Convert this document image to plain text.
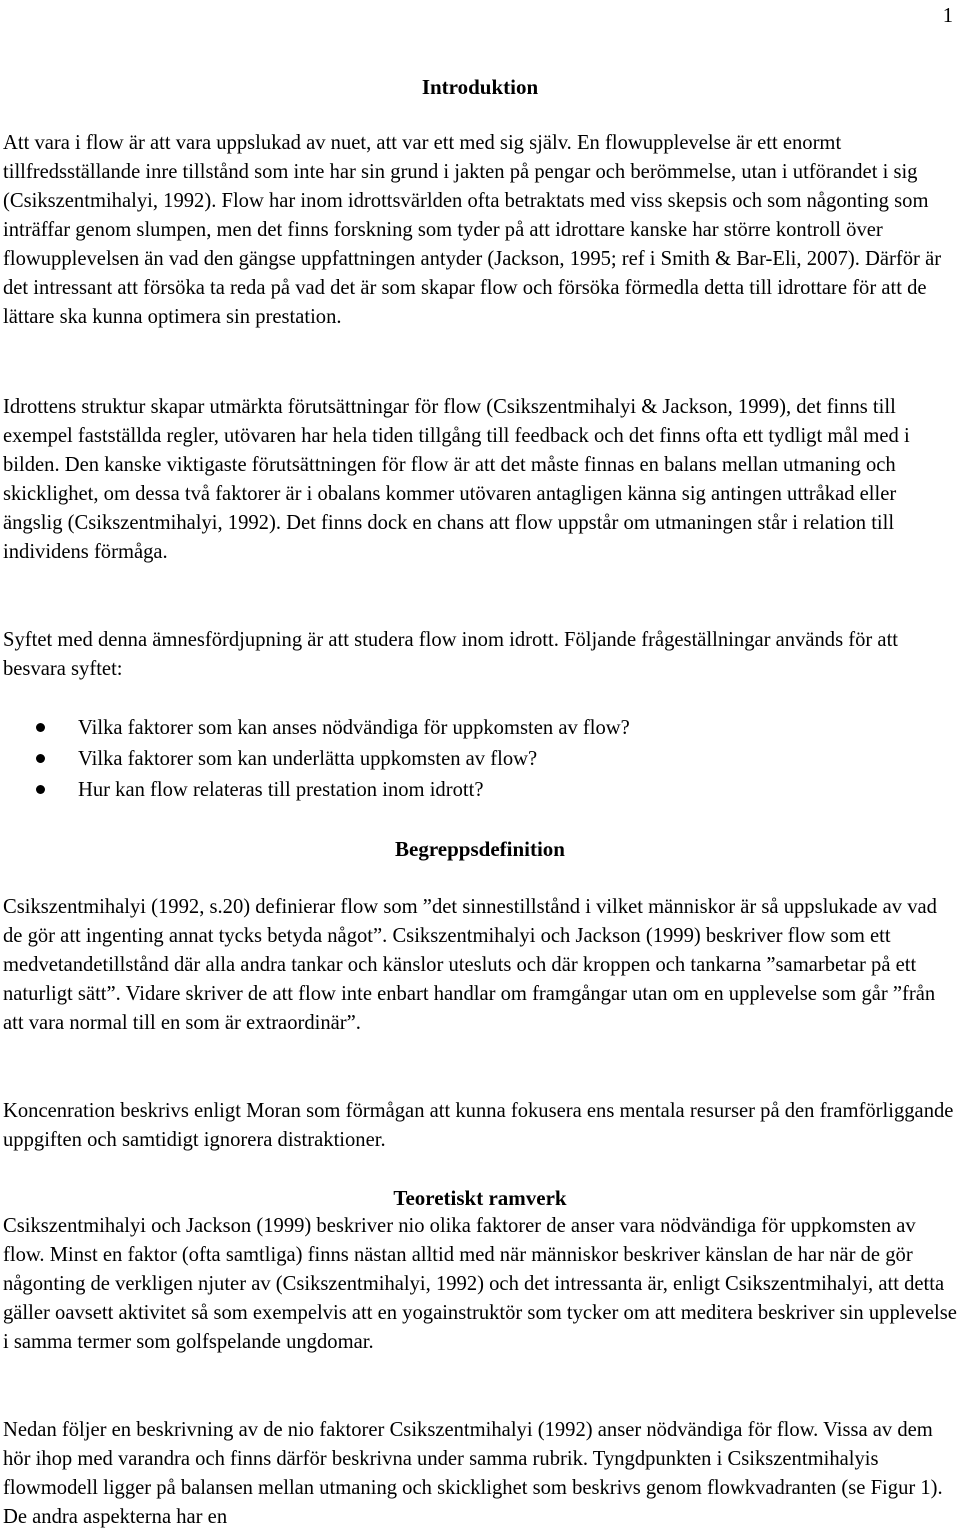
1
Introduktion

Att vara i flow är att vara uppslukad av nuet, att var ett med sig själv. En flowupplevelse är ett enormt tillfredsställande inre tillstånd som inte har sin grund i jakten på pengar och berömmelse, utan i utförandet i sig (Csikszentmihalyi, 1992). Flow har inom idrottsvärlden ofta betraktats med viss skepsis och som någonting som inträffar genom slumpen, men det finns forskning som tyder på att idrottare kanske har större kontroll över flowupplevelsen än vad den gängse uppfattningen antyder (Jackson, 1995; ref i Smith & Bar-Eli, 2007). Därför är det intressant att försöka ta reda på vad det är som skapar flow och försöka förmedla detta till idrottare för att de lättare ska kunna optimera sin prestation.

Idrottens struktur skapar utmärkta förutsättningar för flow (Csikszentmihalyi & Jackson, 1999), det finns till exempel fastställda regler, utövaren har hela tiden tillgång till feedback och det finns ofta ett tydligt mål med i bilden. Den kanske viktigaste förutsättningen för flow är att det måste finnas en balans mellan utmaning och skicklighet, om dessa två faktorer är i obalans kommer utövaren antagligen känna sig antingen uttråkad eller ängslig (Csikszentmihalyi, 1992). Det finns dock en chans att flow uppstår om utmaningen står i relation till individens förmåga.

Syftet med denna ämnesfördjupning är att studera flow inom idrott. Följande frågeställningar används för att besvara syftet:

Vilka faktorer som kan anses nödvändiga för uppkomsten av flow?
Vilka faktorer som kan underlätta uppkomsten av flow?
Hur kan flow relateras till prestation inom idrott?
Begreppsdefinition

Csikszentmihalyi (1992, s.20) definierar flow som ”det sinnestillstånd i vilket människor är så uppslukade av vad de gör att ingenting annat tycks betyda något”. Csikszentmihalyi och Jackson (1999) beskriver flow som ett medvetandetillstånd där alla andra tankar och känslor utesluts och där kroppen och tankarna ”samarbetar på ett naturligt sätt”. Vidare skriver de att flow inte enbart handlar om framgångar utan om en upplevelse som går ”från att vara normal till en som är extraordinär”.

Koncenration beskrivs enligt Moran som förmågan att kunna fokusera ens mentala resurser på den framförliggande uppgiften och samtidigt ignorera distraktioner.

Teoretiskt ramverk

Csikszentmihalyi och Jackson (1999) beskriver nio olika faktorer de anser vara nödvändiga för uppkomsten av flow. Minst en faktor (ofta samtliga) finns nästan alltid med när människor beskriver känslan de har när de gör någonting de verkligen njuter av (Csikszentmihalyi, 1992) och det intressanta är, enligt Csikszentmihalyi, att detta gäller oavsett aktivitet så som exempelvis att en yogainstruktör som tycker om att meditera beskriver sin upplevelse i samma termer som golfspelande ungdomar.

Nedan följer en beskrivning av de nio faktorer Csikszentmihalyi (1992) anser nödvändiga för flow. Vissa av dem hör ihop med varandra och finns därför beskrivna under samma rubrik. Tyngdpunkten i Csikszentmihalyis flowmodell ligger på balansen mellan utmaning och skicklighet som beskrivs genom flowkvadranten (se Figur 1). De andra aspekterna har en
